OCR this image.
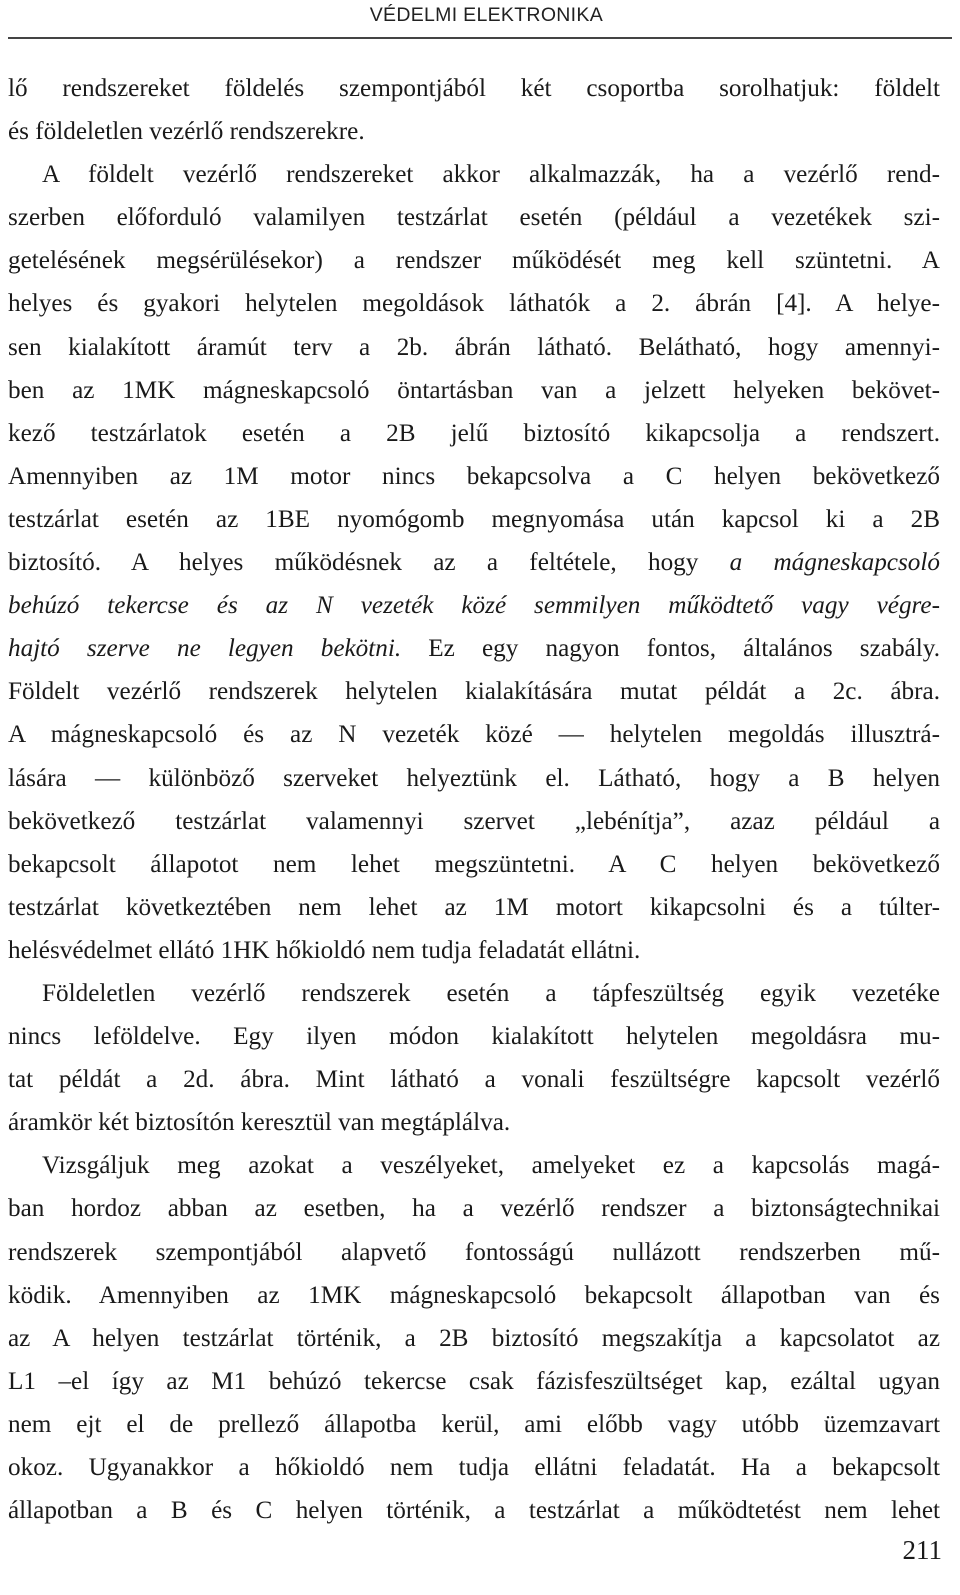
VÉDELMI ELEKTRONIKA
lő rendszereket földelés szempontjából két csoportba sorolhatjuk: földelt
és földeletlen vezérlő rendszerekre.
A földelt vezérlő rendszereket akkor alkalmazzák, ha a vezérlő rend-
szerben előforduló valamilyen testzárlat esetén (például a vezetékek szi-
getelésének megsérülésekor) a rendszer működését meg kell szüntetni. A
helyes és gyakori helytelen megoldások láthatók a 2. ábrán [4]. A helye-
sen kialakított áramút terv a 2b. ábrán látható. Belátható, hogy amennyi-
ben az 1MK mágneskapcsoló öntartásban van a jelzett helyeken bekövet-
kező testzárlatok esetén a 2B jelű biztosító kikapcsolja a rendszert.
Amennyiben az 1M motor nincs bekapcsolva a C helyen bekövetkező
testzárlat esetén az 1BE nyomógomb megnyomása után kapcsol ki a 2B
biztosító. A helyes működésnek az a feltétele, hogy a mágneskapcsoló
behúzó tekercse és az N vezeték közé semmilyen működtető vagy végre-
hajtó szerve ne legyen bekötni. Ez egy nagyon fontos, általános szabály.
Földelt vezérlő rendszerek helytelen kialakítására mutat példát a 2c. ábra.
A mágneskapcsoló és az N vezeték közé — helytelen megoldás illusztrá-
lására — különböző szerveket helyeztünk el. Látható, hogy a B helyen
bekövetkező testzárlat valamennyi szervet „lebénítja”, azaz például a
bekapcsolt állapotot nem lehet megszüntetni. A C helyen bekövetkező
testzárlat következtében nem lehet az 1M motort kikapcsolni és a túlter-
helésvédelmet ellátó 1HK hőkioldó nem tudja feladatát ellátni.
Földeletlen vezérlő rendszerek esetén a tápfeszültség egyik vezetéke
nincs leföldelve. Egy ilyen módon kialakított helytelen megoldásra mu-
tat példát a 2d. ábra. Mint látható a vonali feszültségre kapcsolt vezérlő
áramkör két biztosítón keresztül van megtáplálva.
Vizsgáljuk meg azokat a veszélyeket, amelyeket ez a kapcsolás magá-
ban hordoz abban az esetben, ha a vezérlő rendszer a biztonságtechnikai
rendszerek szempontjából alapvető fontosságú nullázott rendszerben mű-
ködik. Amennyiben az 1MK mágneskapcsoló bekapcsolt állapotban van és
az A helyen testzárlat történik, a 2B biztosító megszakítja a kapcsolatot az
L1 –el így az M1 behúzó tekercse csak fázisfeszültséget kap, ezáltal ugyan
nem ejt el de prellező állapotba kerül, ami előbb vagy utóbb üzemzavart
okoz. Ugyanakkor a hőkioldó nem tudja ellátni feladatát. Ha a bekapcsolt
állapotban a B és C helyen történik, a testzárlat a működtetést nem lehet
211
